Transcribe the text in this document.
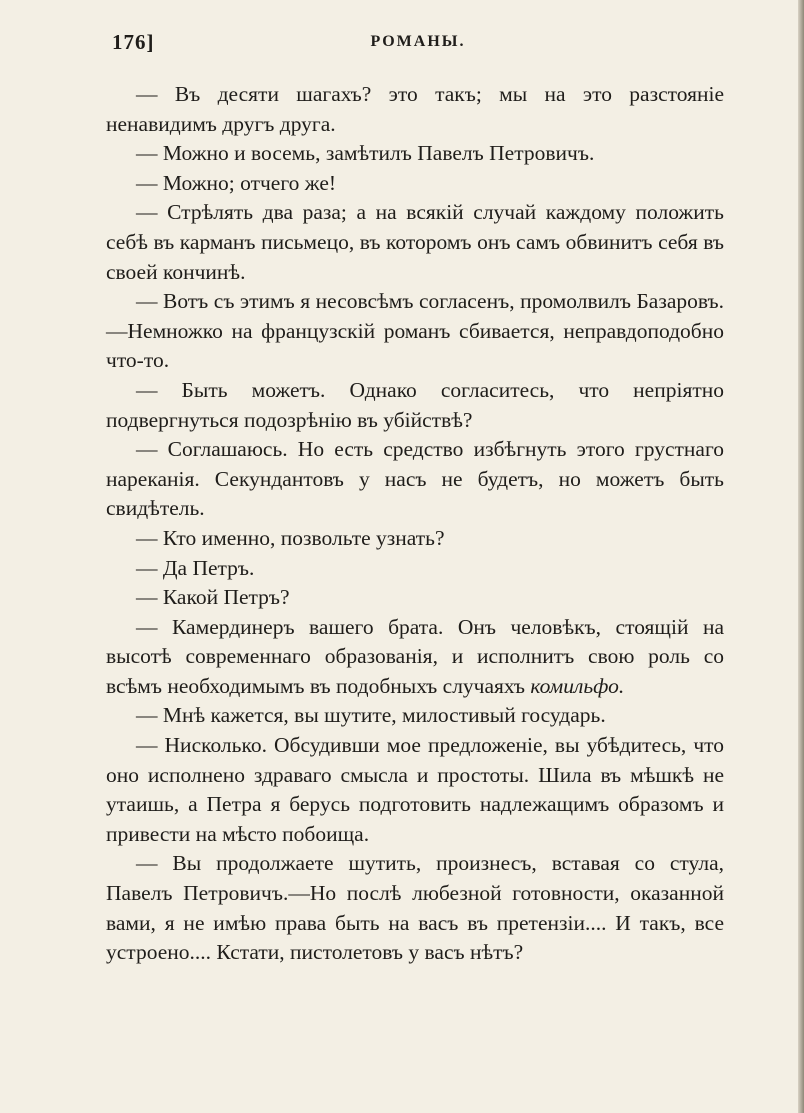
176]	РОМАНЫ.

— Въ десяти шагахъ? это такъ; мы на это разстояніе ненавидимъ другъ друга.

— Можно и восемь, замѣтилъ Павелъ Петровичъ.

— Можно; отчего же!

— Стрѣлять два раза; а на всякій случай каждому положить себѣ въ карманъ письмецо, въ которомъ онъ самъ обвинитъ себя въ своей кончинѣ.

— Вотъ съ этимъ я несовсѣмъ согласенъ, промолвилъ Базаровъ.—Немножко на французскій романъ сбивается, неправдоподобно что-то.

— Быть можетъ. Однако согласитесь, что непріятно подвергнуться подозрѣнію въ убійствѣ?

— Соглашаюсь. Но есть средство избѣгнуть этого грустнаго нареканія. Секундантовъ у насъ не будетъ, но можетъ быть свидѣтель.

— Кто именно, позвольте узнать?

— Да Петръ.

— Какой Петръ?

— Камердинеръ вашего брата. Онъ человѣкъ, стоящій на высотѣ современнаго образованія, и исполнитъ свою роль со всѣмъ необходимымъ въ подобныхъ случаяхъ комильфо.

— Мнѣ кажется, вы шутите, милостивый государь.

— Нисколько. Обсудивши мое предложеніе, вы убѣдитесь, что оно исполнено здраваго смысла и простоты. Шила въ мѣшкѣ не утаишь, а Петра я берусь подготовить надлежащимъ образомъ и привести на мѣсто побоища.

— Вы продолжаете шутить, произнесъ, вставая со стула, Павелъ Петровичъ.—Но послѣ любезной готовности, оказанной вами, я не имѣю права быть на васъ въ претензіи.... И такъ, все устроено.... Кстати, пистолетовъ у васъ нѣтъ?
